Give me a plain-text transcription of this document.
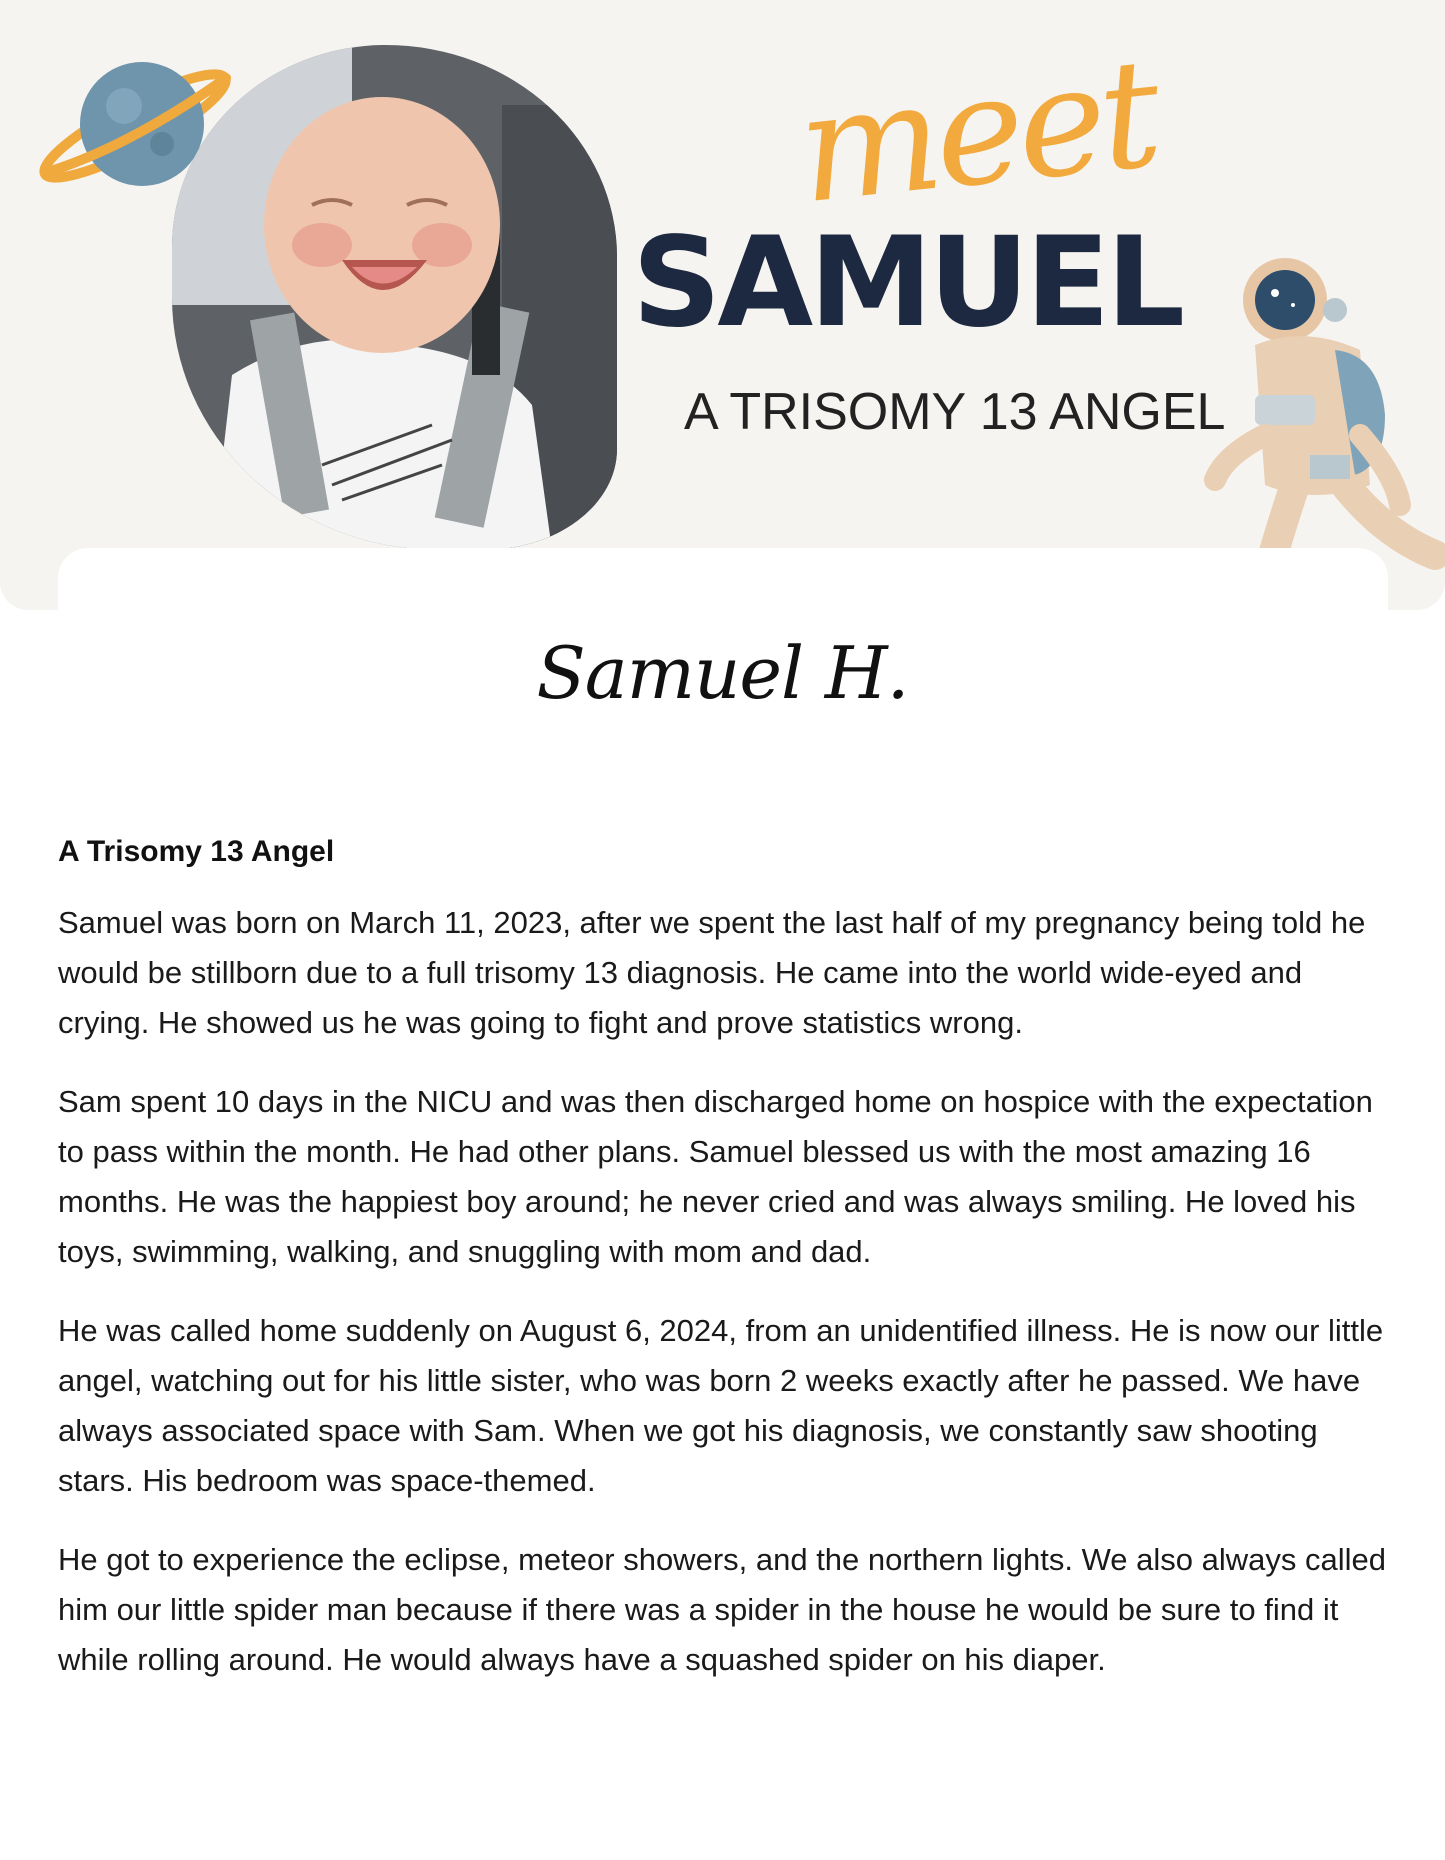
meet
SAMUEL
A TRISOMY 13 ANGEL
Samuel H.
A Trisomy 13 Angel

Samuel was born on March 11, 2023, after we spent the last half of my pregnancy being told he would be stillborn due to a full trisomy 13 diagnosis. He came into the world wide-eyed and crying. He showed us he was going to fight and prove statistics wrong.

Sam spent 10 days in the NICU and was then discharged home on hospice with the expectation to pass within the month. He had other plans. Samuel blessed us with the most amazing 16 months. He was the happiest boy around; he never cried and was always smiling. He loved his toys, swimming, walking, and snuggling with mom and dad.

He was called home suddenly on August 6, 2024, from an unidentified illness. He is now our little angel, watching out for his little sister, who was born 2 weeks exactly after he passed. We have always associated space with Sam. When we got his diagnosis, we constantly saw shooting stars. His bedroom was space-themed.

He got to experience the eclipse, meteor showers, and the northern lights. We also always called him our little spider man because if there was a spider in the house he would be sure to find it while rolling around. He would always have a squashed spider on his diaper.
